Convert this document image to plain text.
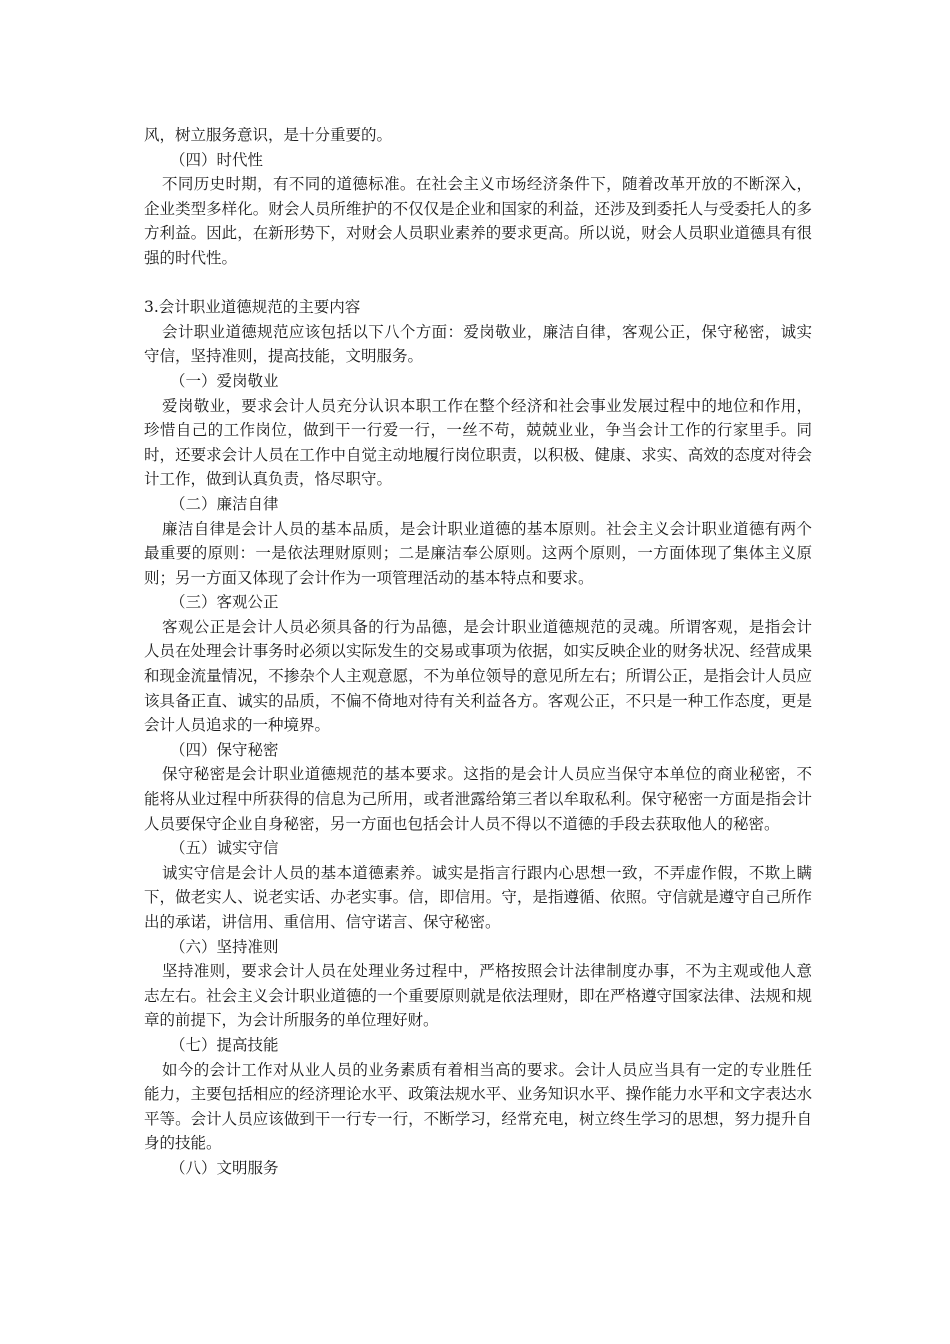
风，树立服务意识，是十分重要的。

（四）时代性

不同历史时期，有不同的道德标准。在社会主义市场经济条件下，随着改革开放的不断深入，企业类型多样化。财会人员所维护的不仅仅是企业和国家的利益，还涉及到委托人与受委托人的多方利益。因此，在新形势下，对财会人员职业素养的要求更高。所以说，财会人员职业道德具有很强的时代性。

3.会计职业道德规范的主要内容

会计职业道德规范应该包括以下八个方面：爱岗敬业，廉洁自律，客观公正，保守秘密，诚实守信，坚持准则，提高技能，文明服务。

（一）爱岗敬业

爱岗敬业，要求会计人员充分认识本职工作在整个经济和社会事业发展过程中的地位和作用，珍惜自己的工作岗位，做到干一行爱一行，一丝不苟，兢兢业业，争当会计工作的行家里手。同时，还要求会计人员在工作中自觉主动地履行岗位职责，以积极、健康、求实、高效的态度对待会计工作，做到认真负责，恪尽职守。

（二）廉洁自律

廉洁自律是会计人员的基本品质，是会计职业道德的基本原则。社会主义会计职业道德有两个最重要的原则：一是依法理财原则；二是廉洁奉公原则。这两个原则，一方面体现了集体主义原则；另一方面又体现了会计作为一项管理活动的基本特点和要求。

（三）客观公正

客观公正是会计人员必须具备的行为品德，是会计职业道德规范的灵魂。所谓客观，是指会计人员在处理会计事务时必须以实际发生的交易或事项为依据，如实反映企业的财务状况、经营成果和现金流量情况，不掺杂个人主观意愿，不为单位领导的意见所左右；所谓公正，是指会计人员应该具备正直、诚实的品质，不偏不倚地对待有关利益各方。客观公正，不只是一种工作态度，更是会计人员追求的一种境界。

（四）保守秘密

保守秘密是会计职业道德规范的基本要求。这指的是会计人员应当保守本单位的商业秘密，不能将从业过程中所获得的信息为己所用，或者泄露给第三者以牟取私利。保守秘密一方面是指会计人员要保守企业自身秘密，另一方面也包括会计人员不得以不道德的手段去获取他人的秘密。

（五）诚实守信

诚实守信是会计人员的基本道德素养。诚实是指言行跟内心思想一致，不弄虚作假，不欺上瞒下，做老实人、说老实话、办老实事。信，即信用。守，是指遵循、依照。守信就是遵守自己所作出的承诺，讲信用、重信用、信守诺言、保守秘密。

（六）坚持准则

坚持准则，要求会计人员在处理业务过程中，严格按照会计法律制度办事，不为主观或他人意志左右。社会主义会计职业道德的一个重要原则就是依法理财，即在严格遵守国家法律、法规和规章的前提下，为会计所服务的单位理好财。

（七）提高技能

如今的会计工作对从业人员的业务素质有着相当高的要求。会计人员应当具有一定的专业胜任能力，主要包括相应的经济理论水平、政策法规水平、业务知识水平、操作能力水平和文字表达水平等。会计人员应该做到干一行专一行，不断学习，经常充电，树立终生学习的思想，努力提升自身的技能。

（八）文明服务
